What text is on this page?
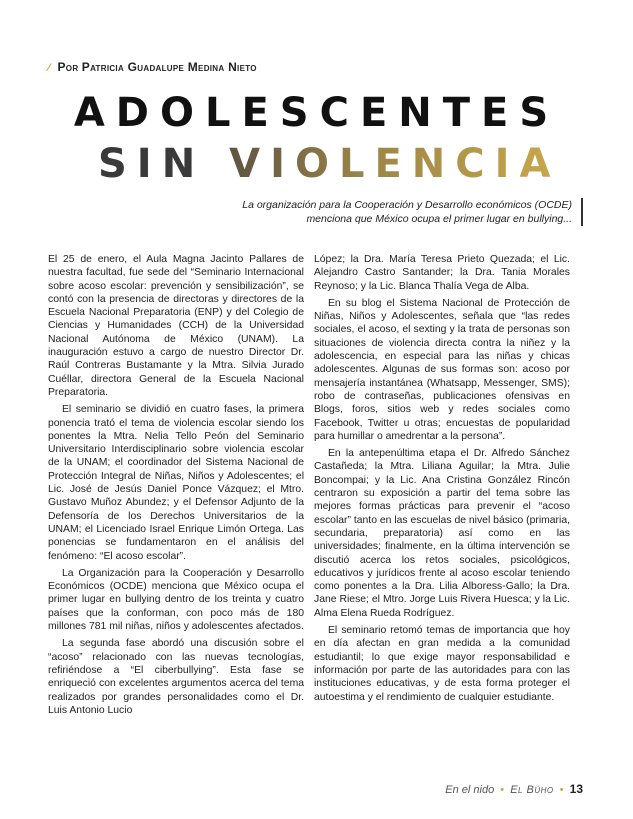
⁄ Por Patricia Guadalupe Medina Nieto
ADOLESCENTES
SIN VIOLENCIA

La organización para la Cooperación y Desarrollo económicos (OCDE)

menciona que México ocupa el primer lugar en bullying...

El 25 de enero, el Aula Magna Jacinto Pallares de nuestra facultad, fue sede del “Seminario Internacional sobre acoso escolar: prevención y sensibilización”, se contó con la presencia de directoras y directores de la Escuela Nacional Preparatoria (ENP) y del Colegio de Ciencias y Humanidades (CCH) de la Universidad Nacional Autónoma de México (UNAM). La inauguración estuvo a cargo de nuestro Director Dr. Raúl Contreras Bustamante y la Mtra. Silvia Jurado Cuéllar, directora General de la Escuela Nacional Preparatoria.

El seminario se dividió en cuatro fases, la primera ponencia trató el tema de violencia escolar siendo los ponentes la Mtra. Nelia Tello Peón del Seminario Universitario Interdisciplinario sobre violencia escolar de la UNAM; el coordinador del Sistema Nacional de Protección Integral de Niñas, Niños y Adolescentes; el Lic. José de Jesús Daniel Ponce Vázquez; el Mtro. Gustavo Muñoz Abundez; y el Defensor Adjunto de la Defensoría de los Derechos Universitarios de la UNAM; el Licenciado Israel Enrique Limón Ortega. Las ponencias se fundamentaron en el análisis del fenómeno: “El acoso escolar”.

La Organización para la Cooperación y Desarrollo Económicos (OCDE) menciona que México ocupa el primer lugar en bullying dentro de los treinta y cuatro países que la conforman, con poco más de 180 millones 781 mil niñas, niños y adolescentes afectados.

La segunda fase abordó una discusión sobre el “acoso” relacionado con las nuevas tecnologías, refiriéndose a “El ciberbullying”. Esta fase se enriqueció con excelentes argumentos acerca del tema realizados por grandes personalidades como el Dr. Luis Antonio Lucio

López; la Dra. María Teresa Prieto Quezada; el Lic. Alejandro Castro Santander; la Dra. Tania Morales Reynoso; y la Lic. Blanca Thalía Vega de Alba.

En su blog el Sistema Nacional de Protección de Niñas, Niños y Adolescentes, señala que “las redes sociales, el acoso, el sexting y la trata de personas son situaciones de violencia directa contra la niñez y la adolescencia, en especial para las niñas y chicas adolescentes. Algunas de sus formas son: acoso por mensajería instantánea (Whatsapp, Messenger, SMS); robo de contraseñas, publicaciones ofensivas en Blogs, foros, sitios web y redes sociales como Facebook, Twitter u otras; encuestas de popularidad para humillar o amedrentar a la persona”.

En la antepenúltima etapa el Dr. Alfredo Sánchez Castañeda; la Mtra. Liliana Aguilar; la Mtra. Julie Boncompai; y la Lic. Ana Cristina González Rincón centraron su exposición a partir del tema sobre las mejores formas prácticas para prevenir el “acoso escolar” tanto en las escuelas de nivel básico (primaria, secundaria, preparatoria) así como en las universidades; finalmente, en la última intervención se discutió acerca los retos sociales, psicológicos, educativos y jurídicos frente al acoso escolar teniendo como ponentes a la Dra. Lilia Alboress-Gallo; la Dra. Jane Riese; el Mtro. Jorge Luis Rivera Huesca; y la Lic. Alma Elena Rueda Rodríguez.

El seminario retomó temas de importancia que hoy en día afectan en gran medida a la comunidad estudiantil; lo que exige mayor responsabilidad e información por parte de las autoridades para con las instituciones educativas, y de esta forma proteger el autoestima y el rendimiento de cualquier estudiante.

En el nido • El Búho • 13
